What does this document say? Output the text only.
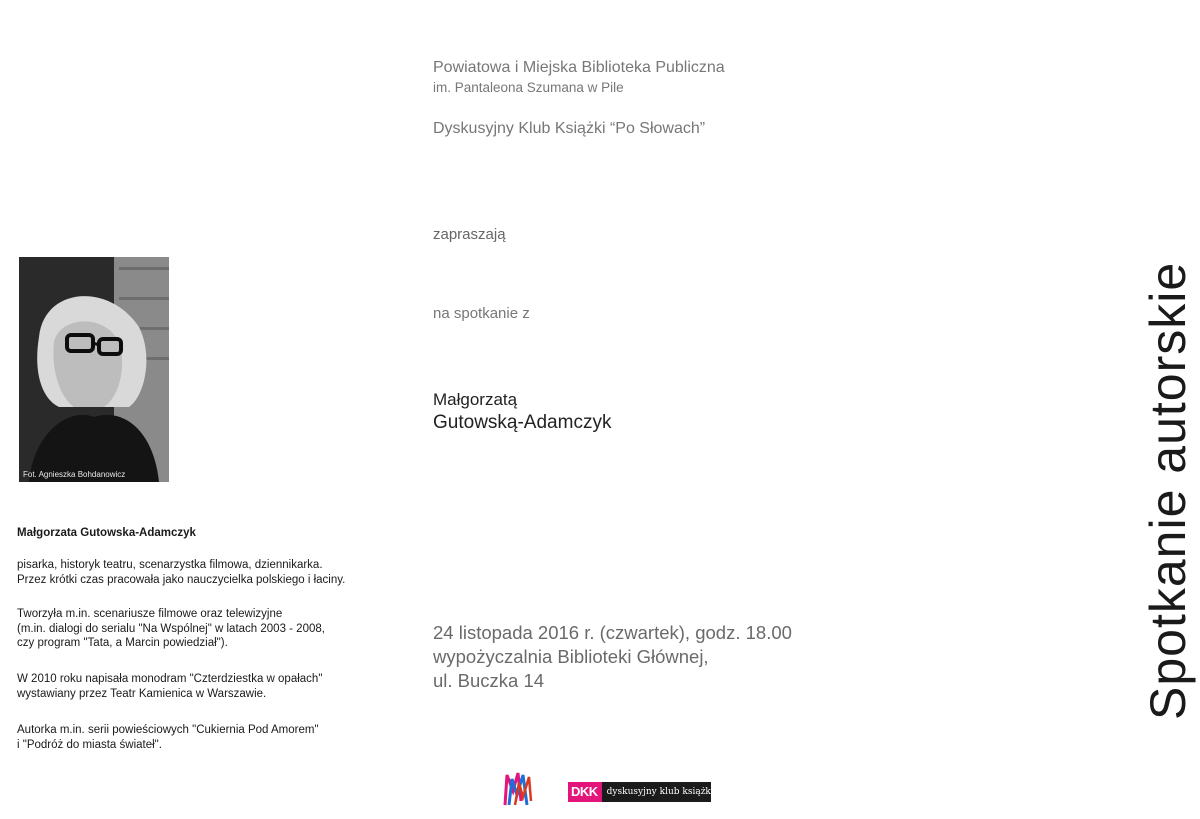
Fot. Agnieszka Bohdanowicz
Małgorzata Gutowska-Adamczyk

pisarka, historyk teatru, scenarzystka filmowa, dziennikarka.

Przez krótki czas pracowała jako nauczycielka polskiego i łaciny.

Tworzyła m.in. scenariusze filmowe oraz telewizyjne

(m.in. dialogi do serialu "Na Wspólnej" w latach 2003 - 2008,

czy program "Tata, a Marcin powiedział").

W 2010 roku napisała monodram "Czterdziestka w opałach"

wystawiany przez Teatr Kamienica w Warszawie.

Autorka m.in. serii powieściowych "Cukiernia Pod Amorem"

i "Podróż do miasta świateł".

Powiatowa i Miejska Biblioteka Publiczna
im. Pantaleona Szumana w Pile
Dyskusyjny Klub Książki “Po Słowach”
zapraszają
na spotkanie z
Małgorzatą
Gutowską-Adamczyk
24 listopada 2016 r. (czwartek), godz. 18.00
wypożyczalnia Biblioteki Głównej,
ul. Buczka 14	Spotkanie autorskie
DKK	dyskusyjny klub książki
